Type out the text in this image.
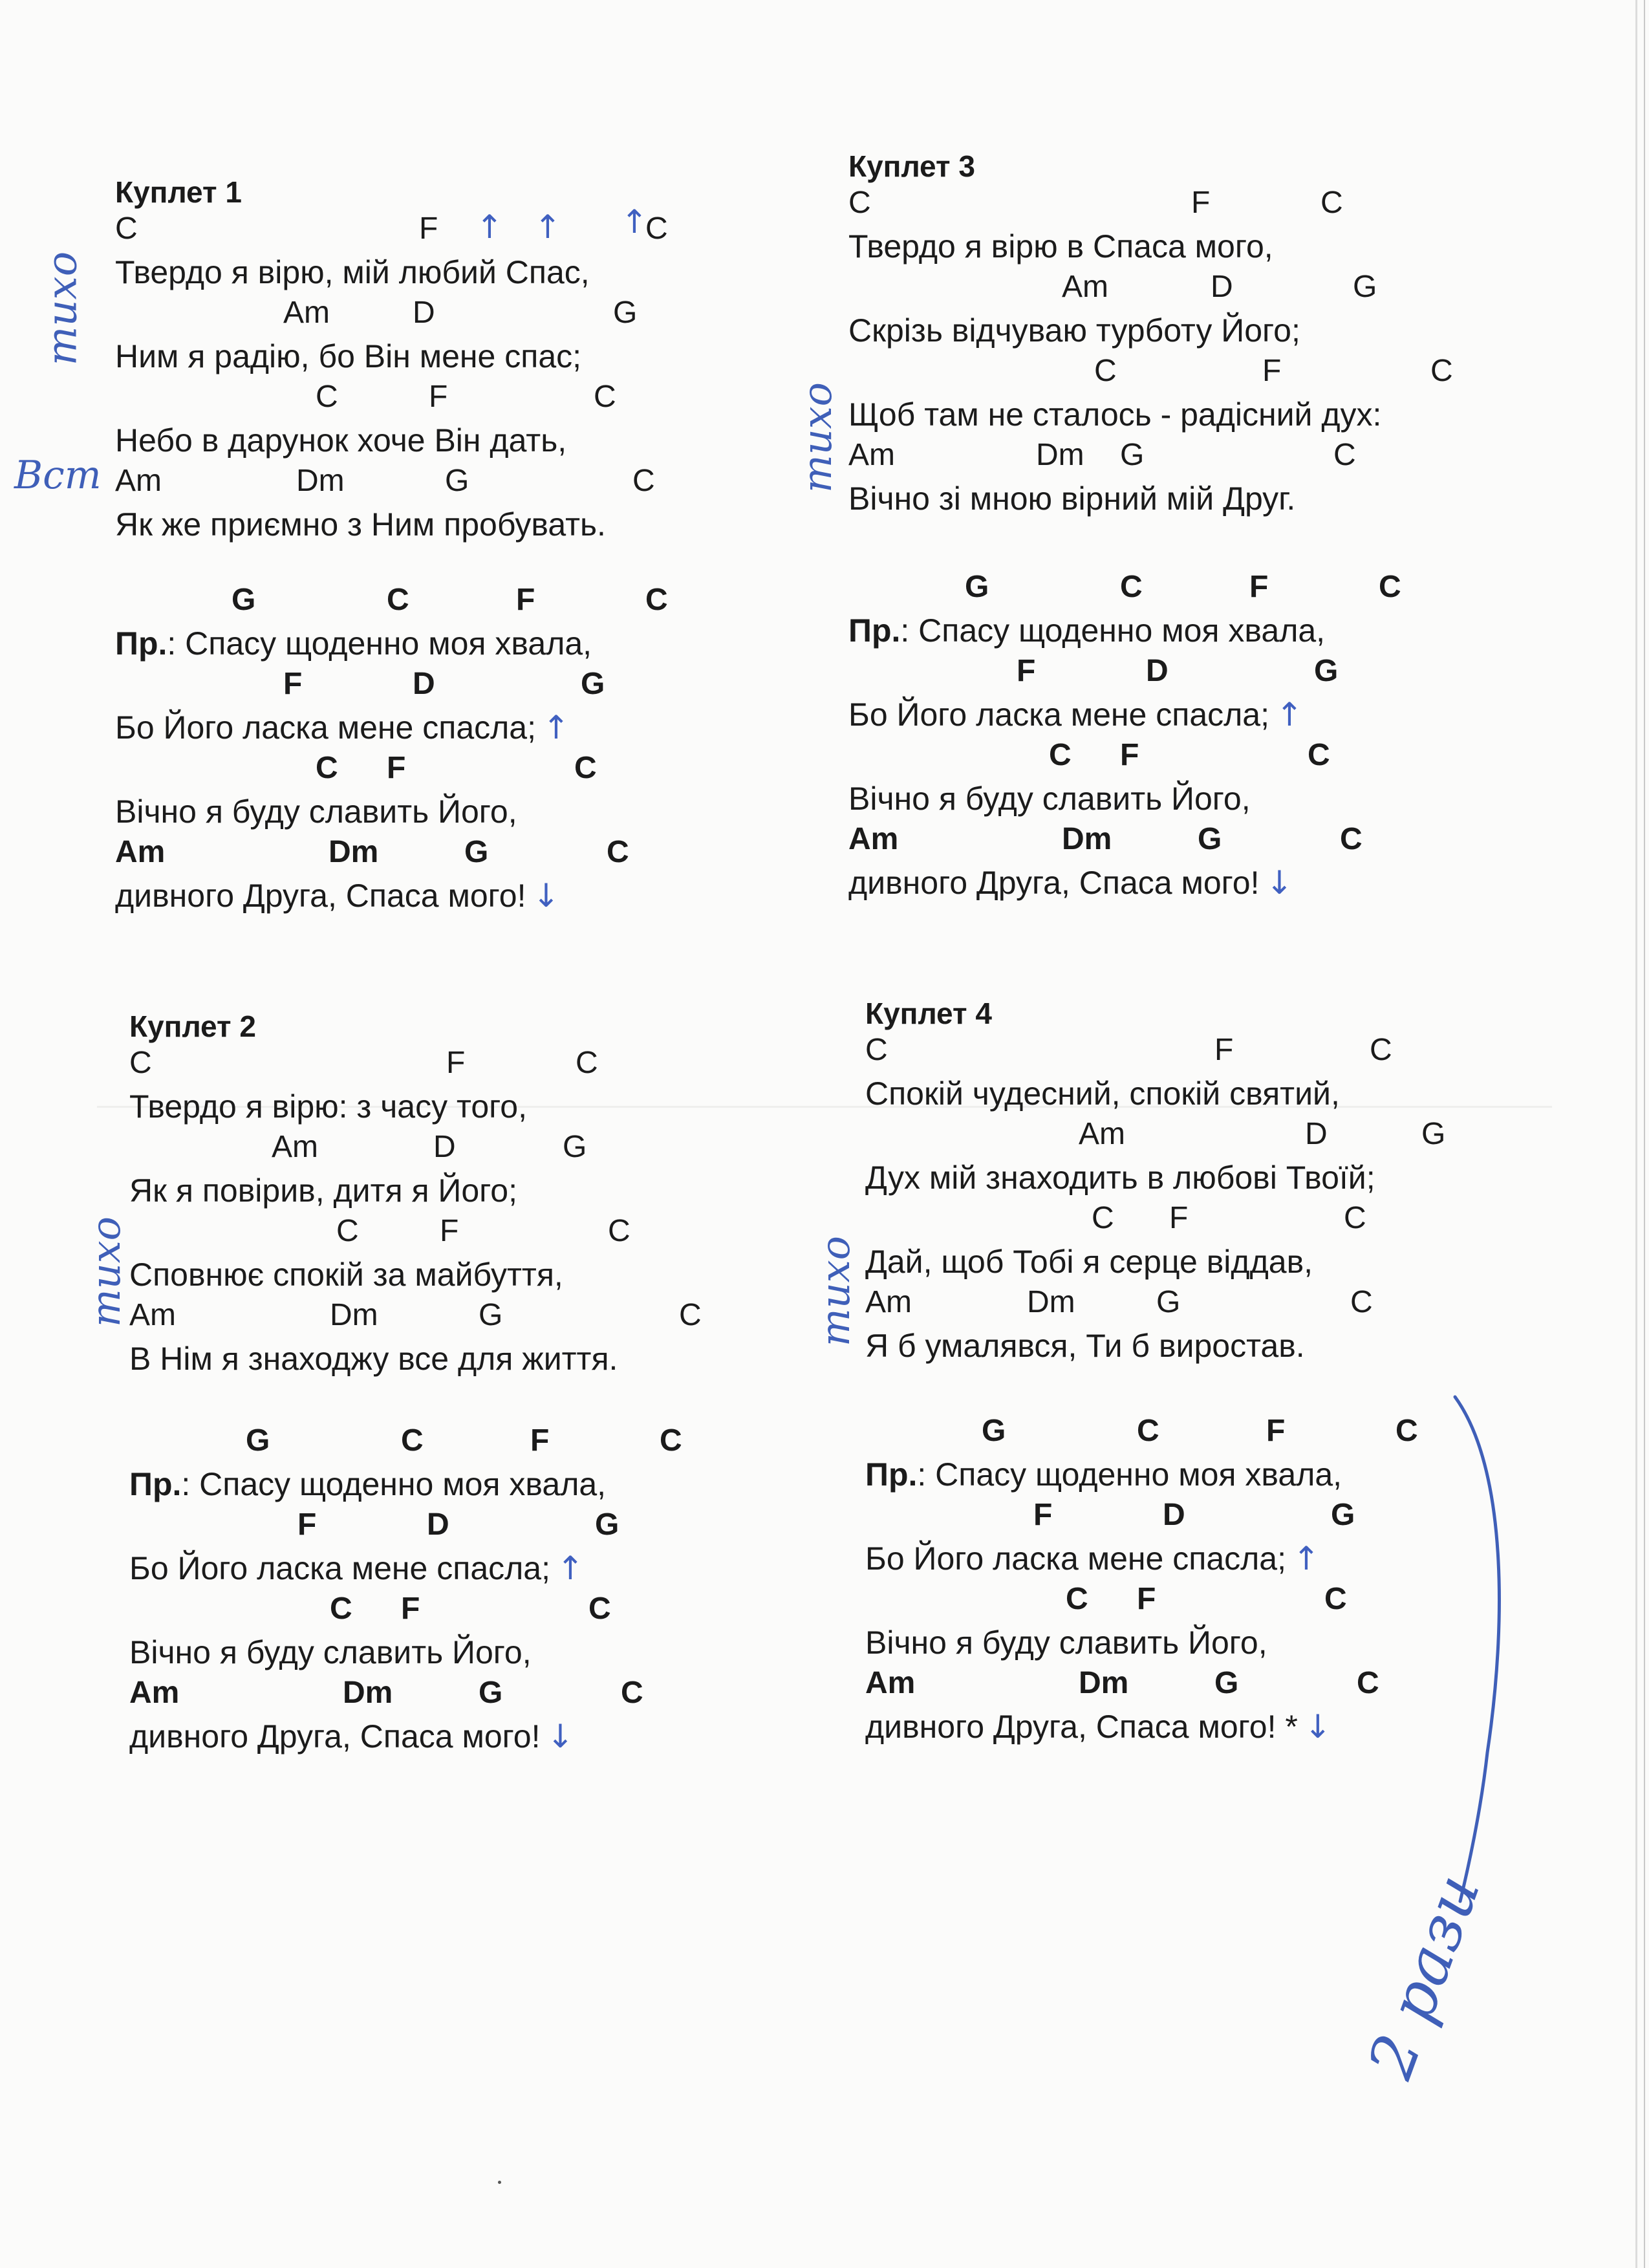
Куплет 1
C	F	C
Твердо я вірю, мій любий Спас,
Am	D	G
Ним я радію, бо Він мене спас;
C	F	C
Небо в дарунок хоче Він дать,
Am	Dm	G	C
Як же приємно з Ним пробувать.
G	C	F	C
Пр.: Спасу щоденно моя хвала,
F	D	G
Бо Його ласка мене спасла; ↑
C F	C
Вічно я буду славить Його,
Am	Dm	G	C
дивного Друга, Спаса мого! ↓
Куплет 2
C	F	C
Твердо я вірю: з часу того,
Am	D	G
Як я повірив, дитя я Його;
C	F	C
Сповнює спокій за майбуття,
Am	Dm	G	C
В Нім я знаходжу все для життя.
G	C	F	C
Пр.: Спасу щоденно моя хвала,
F	D	G
Бо Його ласка мене спасла; ↑
C F	C
Вічно я буду славить Його,
Am	Dm	G	C
дивного Друга, Спаса мого! ↓
Куплет 3
C	F	C
Твердо я вірю в Спаса мого,
Am	D	G
Скрізь відчуваю турботу Його;
C	F	C
Щоб там не сталось - радісний дух:
Am	Dm G	C
Вічно зі мною вірний мій Друг.
G	C	F	C
Пр.: Спасу щоденно моя хвала,
F	D	G
Бо Його ласка мене спасла; ↑
C F	C
Вічно я буду славить Його,
Am	Dm	G	C
дивного Друга, Спаса мого! ↓
Куплет 4
C	F	C
Спокій чудесний, спокій святий,
Am	D	G
Дух мій знаходить в любові Твоїй;
C F	C
Дай, щоб Тобі я серце віддав,
Am	Dm	G	C
Я б умалявся, Ти б виростав.
G	C	F	C
Пр.: Спасу щоденно моя хвала,
F	D	G
Бо Його ласка мене спасла; ↑
C F	C
Вічно я буду славить Його,
Am	Dm	G	C
дивного Друга, Спаса мого! * ↓
тихо
Вст	тихо
тихо	тихо
2 рази
↑ ↑ ↑
